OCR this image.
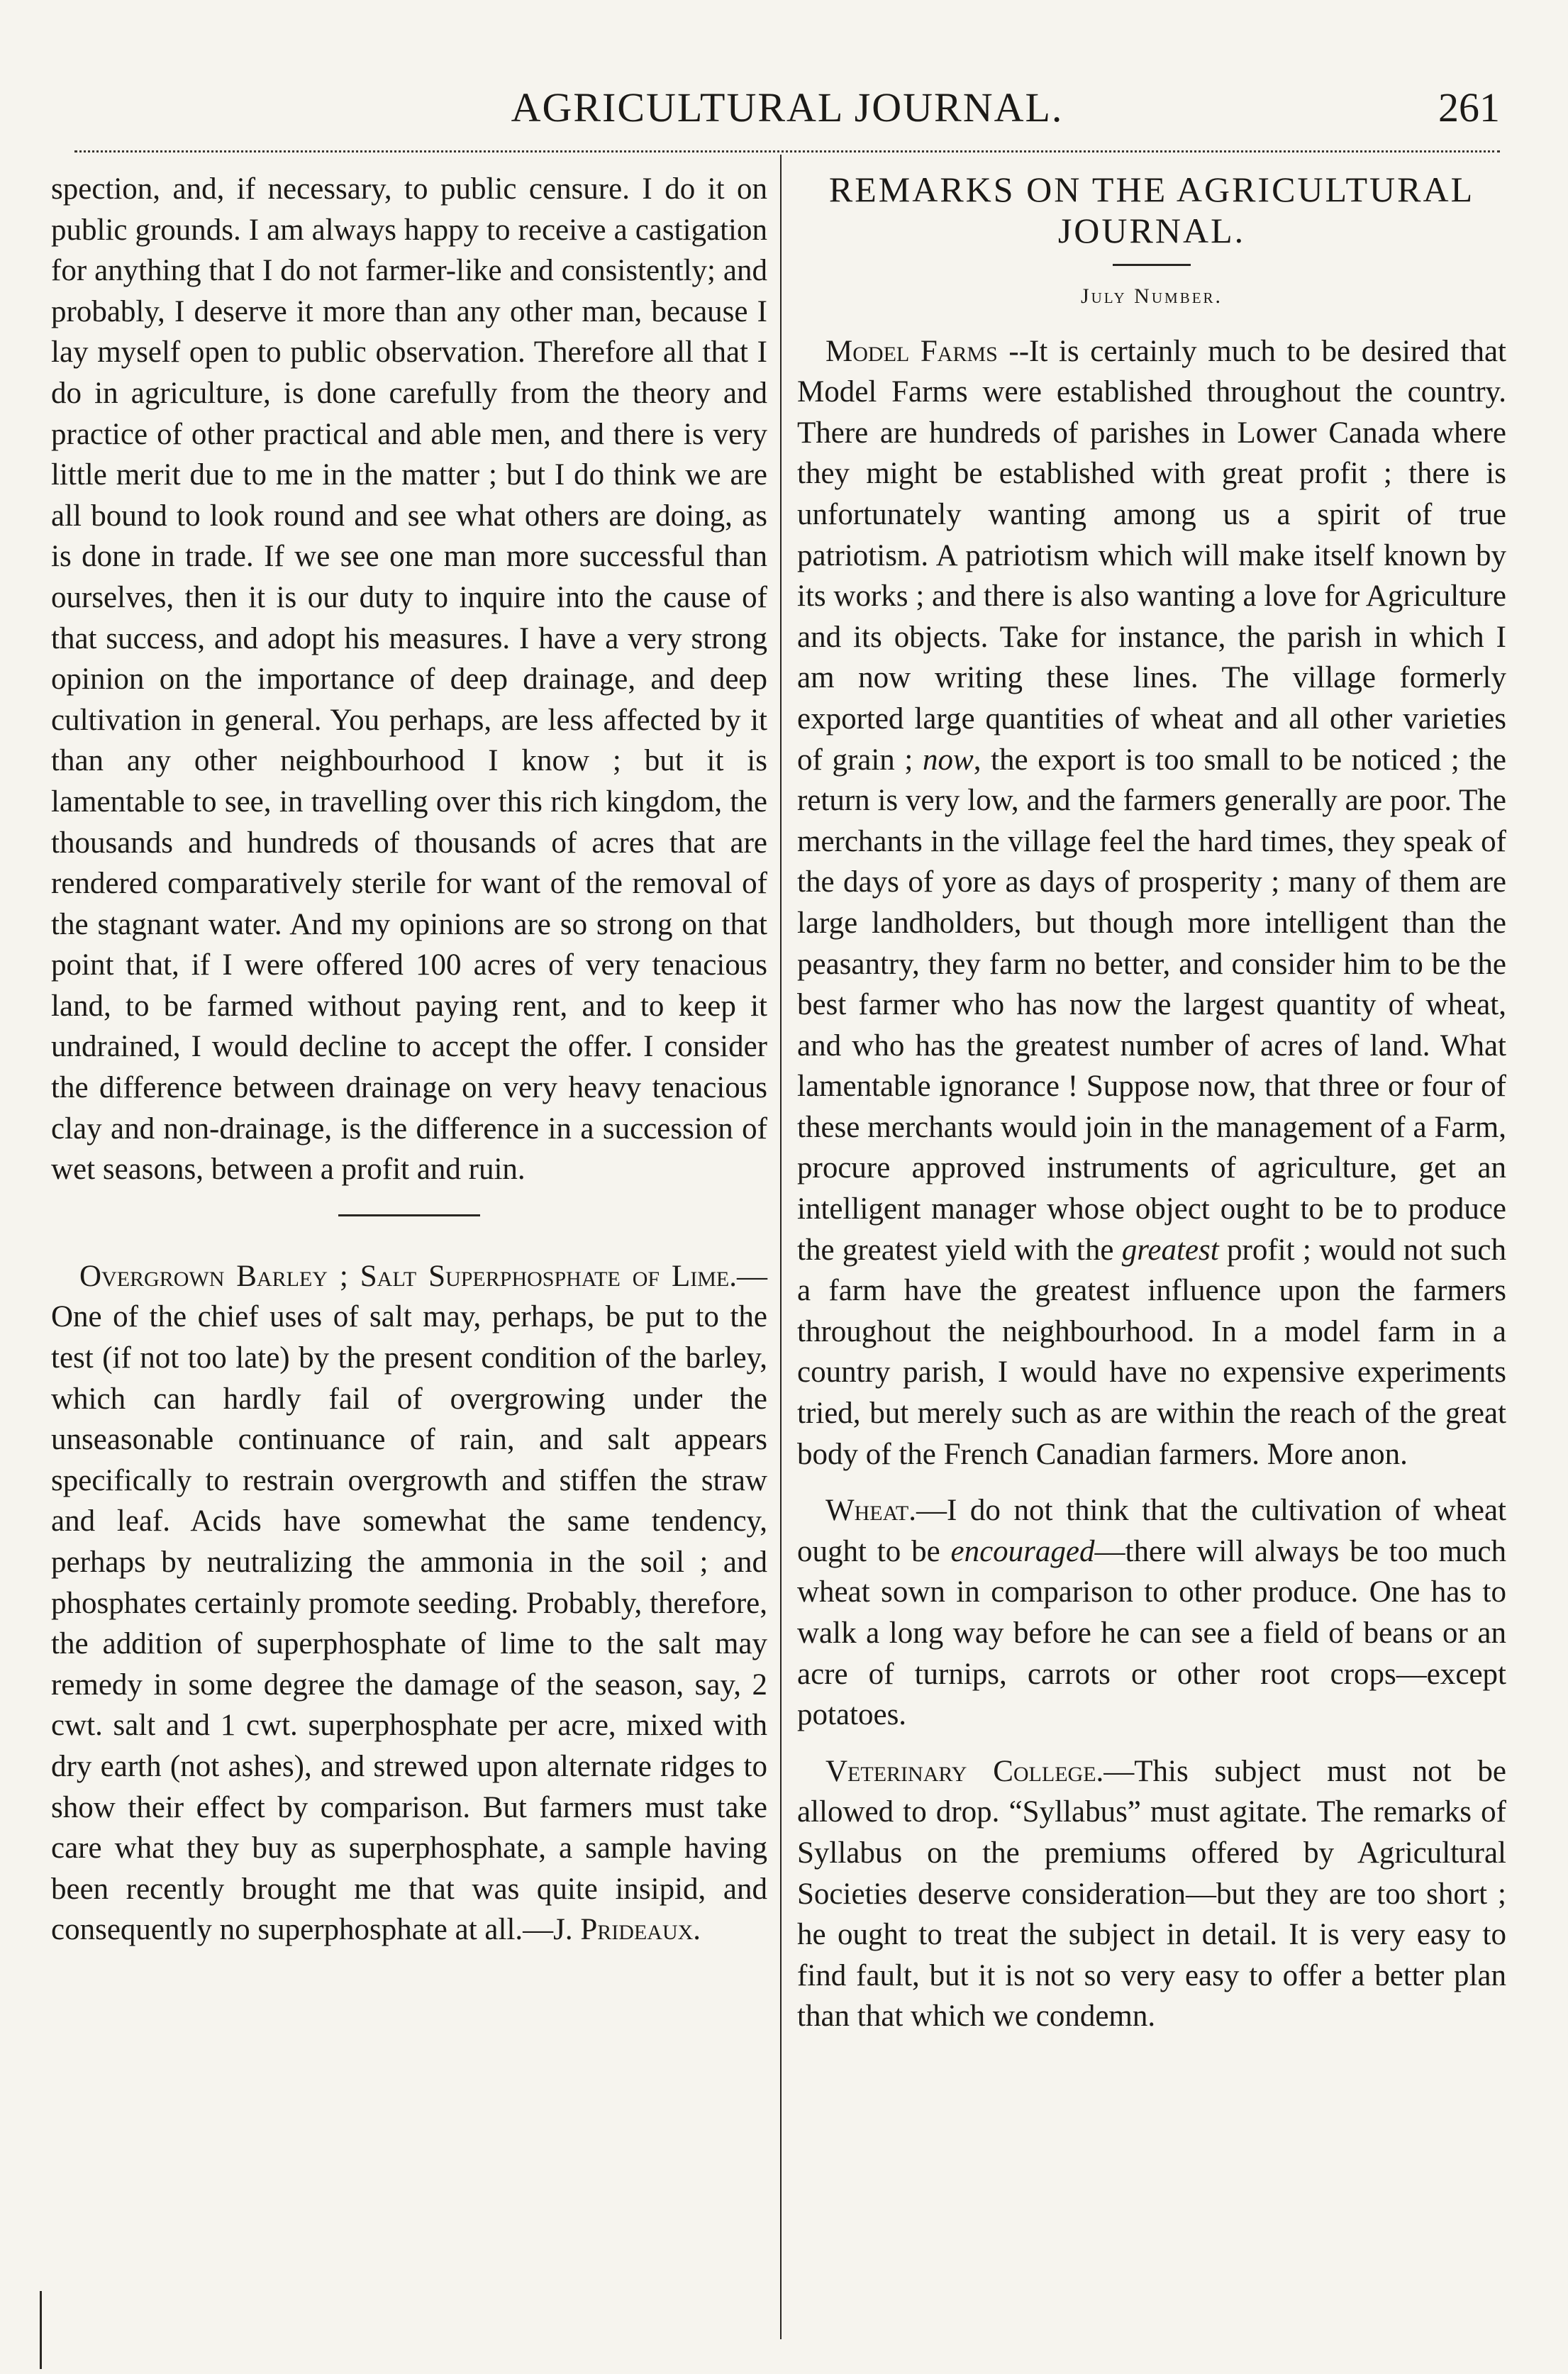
AGRICULTURAL JOURNAL.	261

spection, and, if necessary, to public censure. I do it on public grounds. I am always happy to receive a castigation for anything that I do not farmer-like and consistently; and probably, I deserve it more than any other man, because I lay myself open to public observation. Therefore all that I do in agriculture, is done carefully from the theory and practice of other practical and able men, and there is very little merit due to me in the matter ; but I do think we are all bound to look round and see what others are doing, as is done in trade. If we see one man more successful than ourselves, then it is our duty to inquire into the cause of that success, and adopt his measures. I have a very strong opinion on the importance of deep drainage, and deep cultivation in general. You perhaps, are less affected by it than any other neighbourhood I know ; but it is lamentable to see, in travelling over this rich kingdom, the thousands and hundreds of thousands of acres that are rendered comparatively sterile for want of the removal of the stagnant water. And my opinions are so strong on that point that, if I were offered 100 acres of very tenacious land, to be farmed without paying rent, and to keep it undrained, I would decline to accept the offer. I consider the difference between drainage on very heavy tenacious clay and non-drainage, is the difference in a succession of wet seasons, between a profit and ruin.

Overgrown Barley ; Salt Superphosphate of Lime.—One of the chief uses of salt may, perhaps, be put to the test (if not too late) by the present condition of the barley, which can hardly fail of overgrowing under the unseasonable continuance of rain, and salt appears specifically to restrain overgrowth and stiffen the straw and leaf. Acids have somewhat the same tendency, perhaps by neutralizing the ammonia in the soil ; and phosphates certainly promote seeding. Probably, therefore, the addition of superphosphate of lime to the salt may remedy in some degree the damage of the season, say, 2 cwt. salt and 1 cwt. superphosphate per acre, mixed with dry earth (not ashes), and strewed upon alternate ridges to show their effect by comparison. But farmers must take care what they buy as superphosphate, a sample having been recently brought me that was quite insipid, and consequently no superphosphate at all.—J. Prideaux.

REMARKS ON THE AGRICULTURAL JOURNAL.
July Number.

Model Farms --It is certainly much to be desired that Model Farms were established throughout the country. There are hundreds of parishes in Lower Canada where they might be established with great profit ; there is unfortunately wanting among us a spirit of true patriotism. A patriotism which will make itself known by its works ; and there is also wanting a love for Agriculture and its objects. Take for instance, the parish in which I am now writing these lines. The village formerly exported large quantities of wheat and all other varieties of grain ; now, the export is too small to be noticed ; the return is very low, and the farmers generally are poor. The merchants in the village feel the hard times, they speak of the days of yore as days of prosperity ; many of them are large landholders, but though more intelligent than the peasantry, they farm no better, and consider him to be the best farmer who has now the largest quantity of wheat, and who has the greatest number of acres of land. What lamentable ignorance ! Suppose now, that three or four of these merchants would join in the management of a Farm, procure approved instruments of agriculture, get an intelligent manager whose object ought to be to produce the greatest yield with the greatest profit ; would not such a farm have the greatest influence upon the farmers throughout the neighbourhood. In a model farm in a country parish, I would have no expensive experiments tried, but merely such as are within the reach of the great body of the French Canadian farmers. More anon.

Wheat.—I do not think that the cultivation of wheat ought to be encouraged—there will always be too much wheat sown in comparison to other produce. One has to walk a long way before he can see a field of beans or an acre of turnips, carrots or other root crops—except potatoes.

Veterinary College.—This subject must not be allowed to drop. “Syllabus” must agitate. The remarks of Syllabus on the premiums offered by Agricultural Societies deserve consideration—but they are too short ; he ought to treat the subject in detail. It is very easy to find fault, but it is not so very easy to offer a better plan than that which we condemn.
